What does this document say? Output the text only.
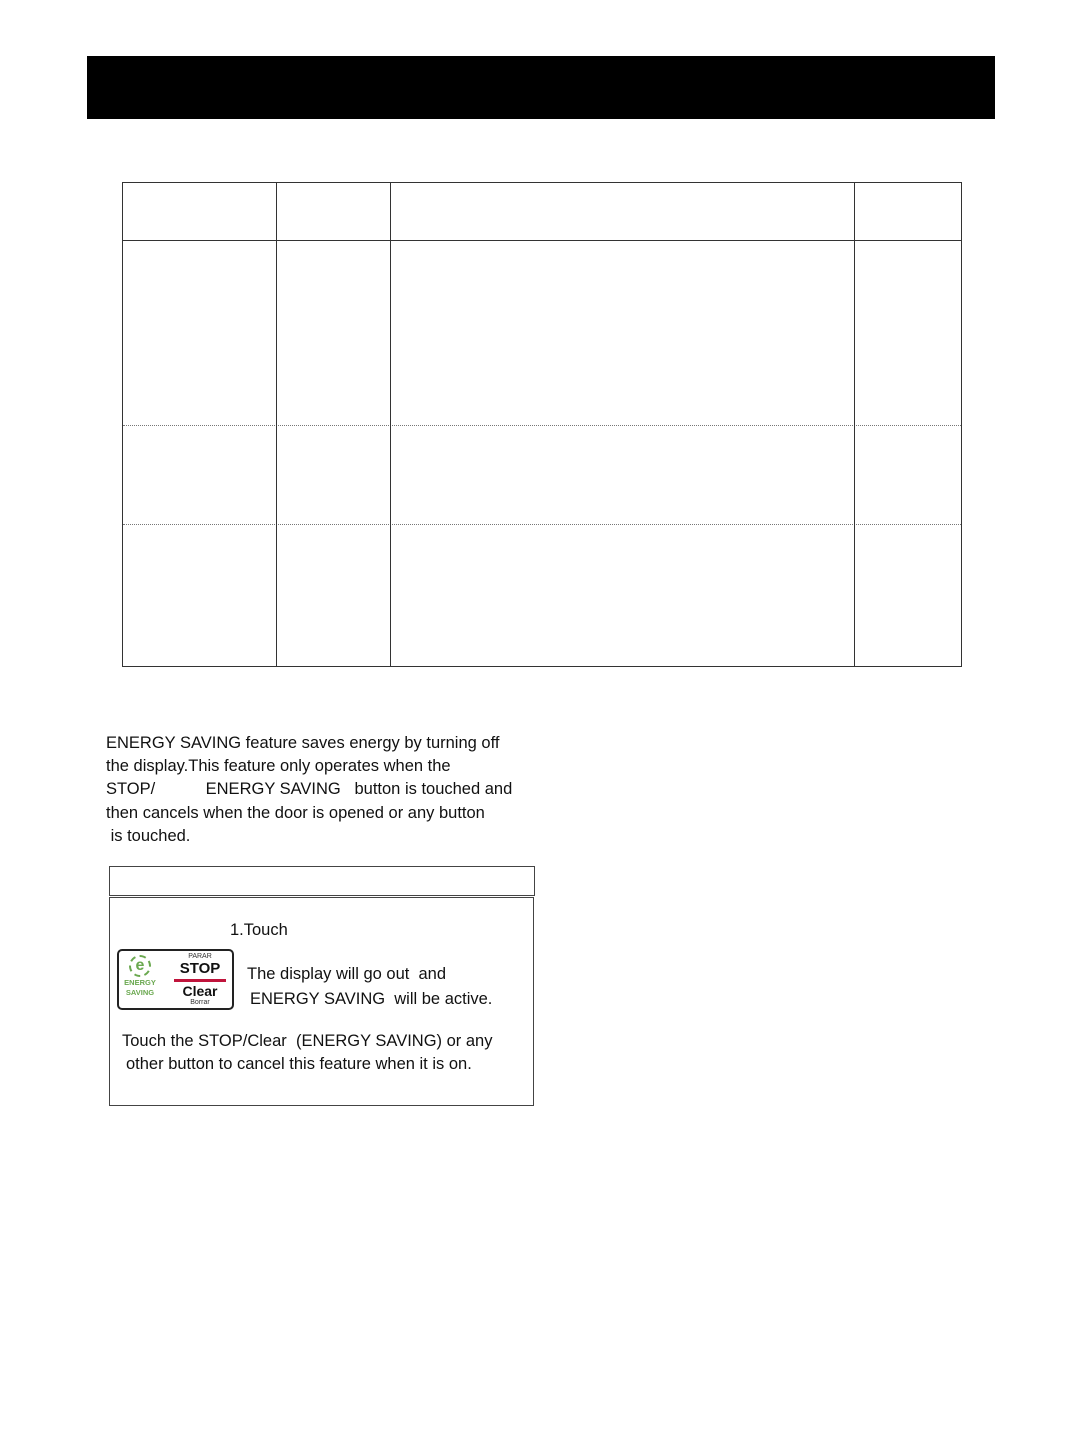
ENERGY SAVING feature saves energy by turning off
the display.This feature only operates when the
STOP/           ENERGY SAVING   button is touched and
then cancels when the door is opened or any button
is touched.
1.Touch
e
ENERGY
SAVING
PARAR
STOP
Clear
Borrar
The display will go out  and
ENERGY SAVING  will be active.
Touch the STOP/Clear  (ENERGY SAVING) or any
other button to cancel this feature when it is on.
